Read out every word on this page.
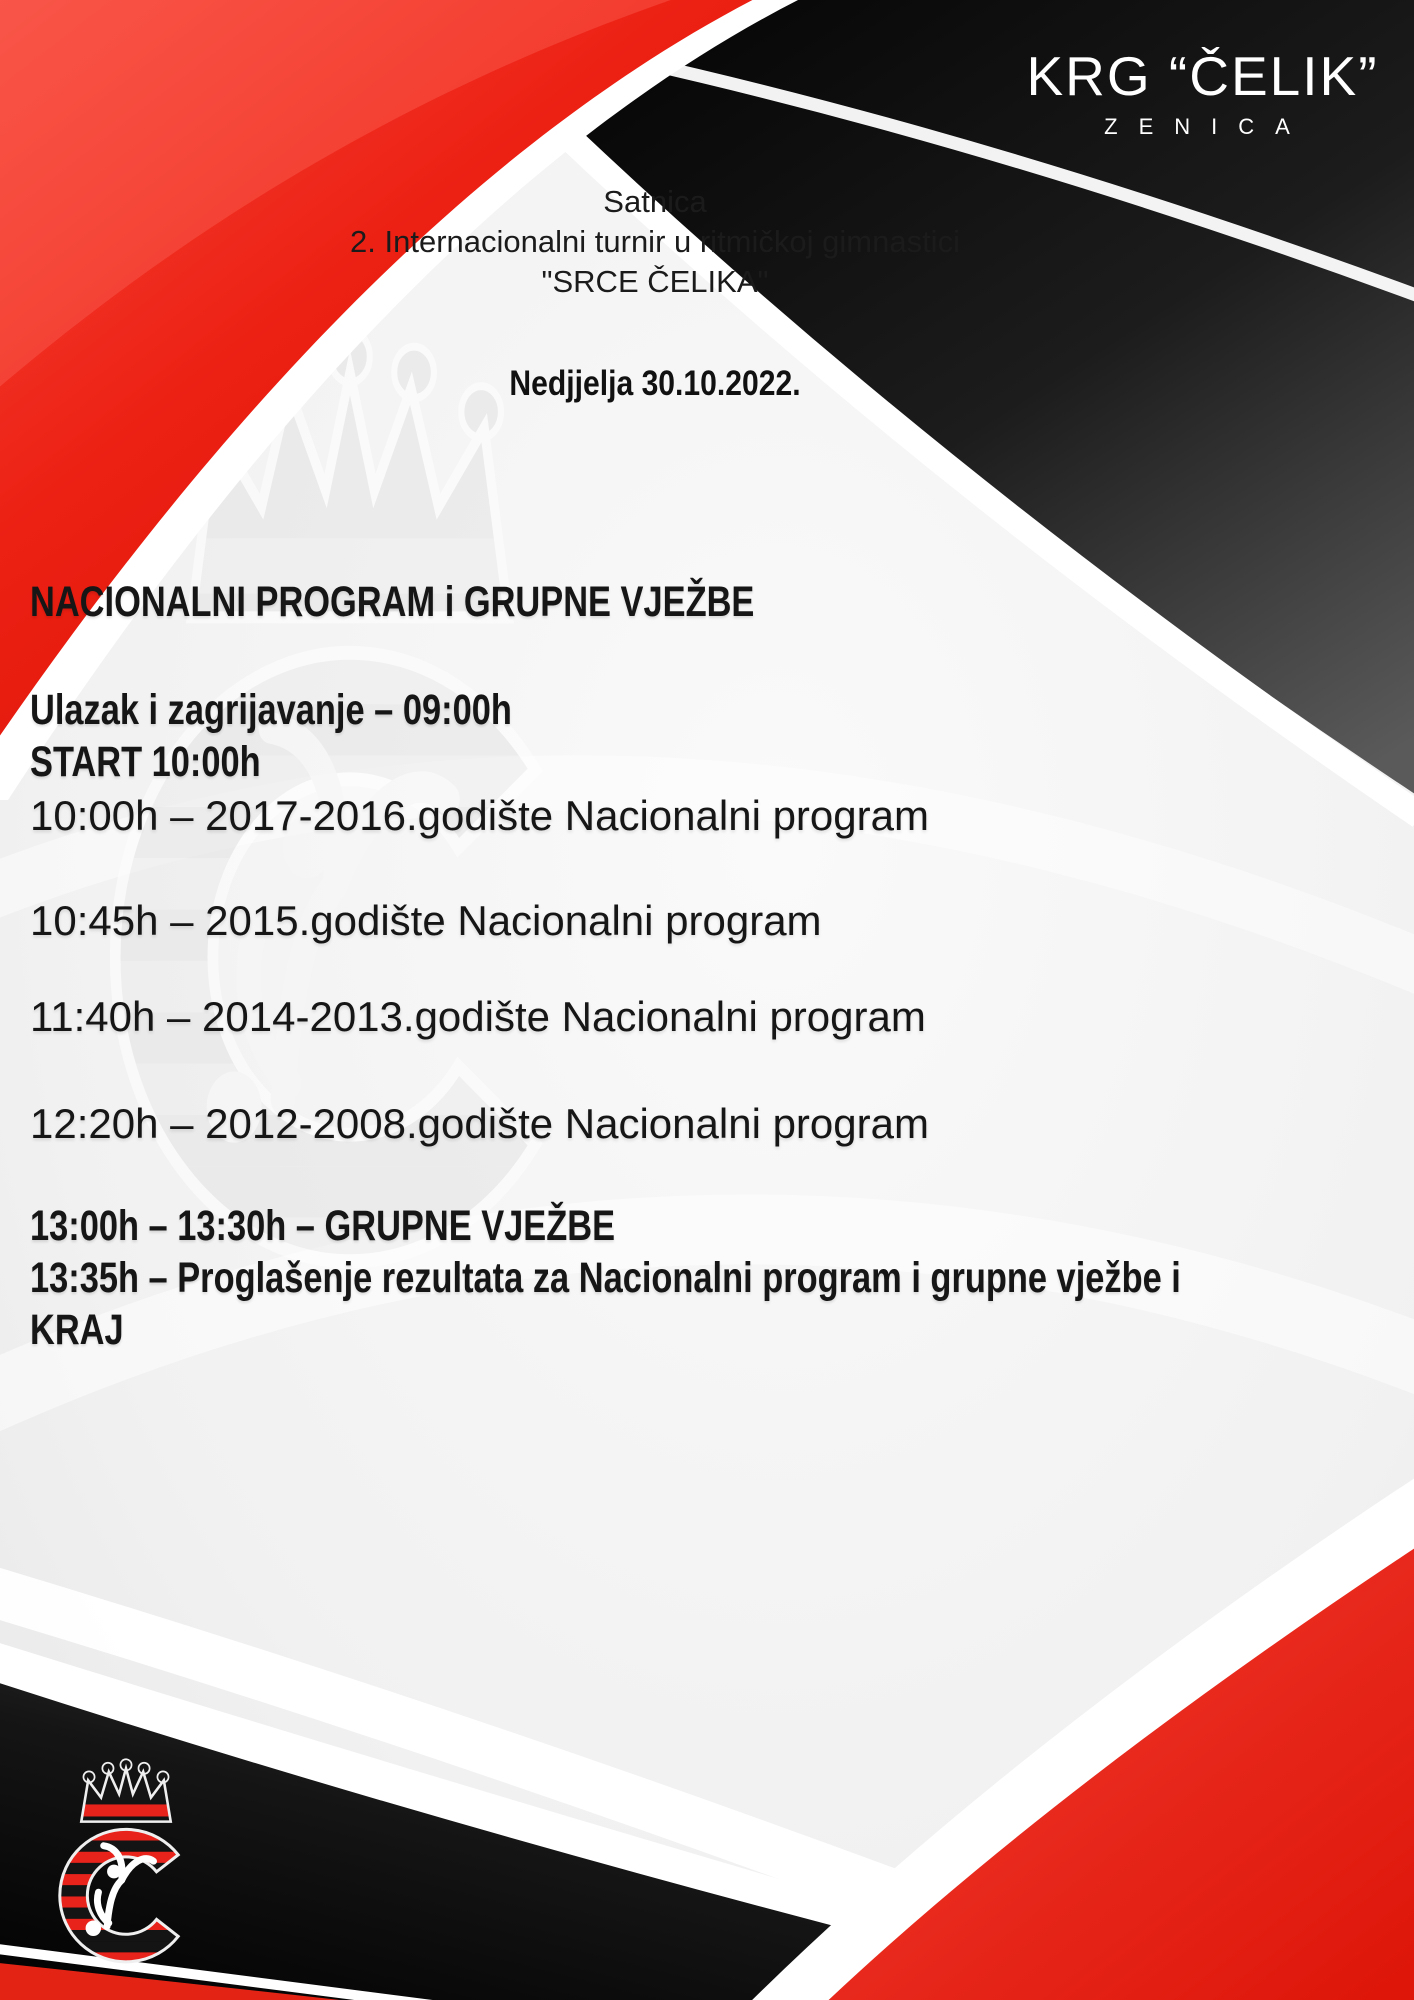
KRG “ČELIK”
ZENICA
Satnica
2. Internacionalni turnir u ritmičkoj gimnastici
"SRCE ČELIKA"
Nedjjelja 30.10.2022.
NACIONALNI PROGRAM i GRUPNE VJEŽBE
Ulazak i zagrijavanje – 09:00h
START 10:00h
10:00h – 2017-2016.godište Nacionalni program
10:45h – 2015.godište Nacionalni program
11:40h – 2014-2013.godište Nacionalni program
12:20h – 2012-2008.godište Nacionalni program
13:00h – 13:30h – GRUPNE VJEŽBE
13:35h – Proglašenje rezultata za Nacionalni program i grupne vježbe i
KRAJ
